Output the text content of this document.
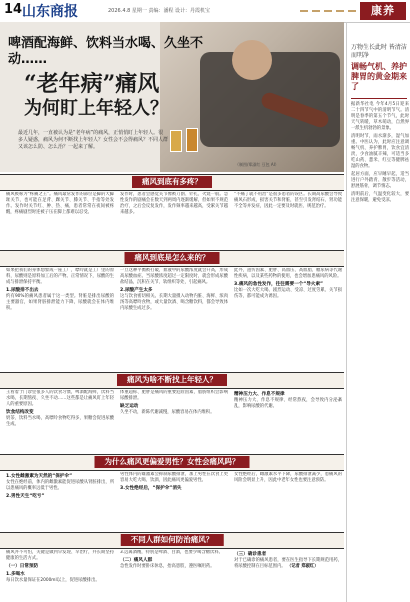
14 山东商报	2026.4.8 星期一 责编：潘程 设计：丹霞机宝	康养
啤酒配海鲜、饮料当水喝、久坐不动……
“老年病”痛风
为何盯上年轻人？
最近几年，一直被认为是“老年病”的痛风，正悄悄盯上年轻人。很多人疑惑，痛风为何不断找上年轻人？女性会不会得痛风？不同人群又该怎么防、怎么治？一起来了解。
（制图/郑淑红 豆包 AI）
痛风到底有多疼？
痛风被称为“疼痛之王”。痛风最常发作的部位是脚的大脚趾关节，也可能在足背、踝关节、膝关节、手指等处发作。发作时关节红、肿、热、痛，患者常常在夜间被疼醒，疼痛剧烈时连被子压在脚上都难以忍受。
发作时，患者会感觉关节像被刀割、针扎、火烧一般。急性发作的剧痛会在数天到两周内逐渐缓解，但如果不规范治疗，之后会反复发作，发作频率越来越高，受累关节越来越多。
“不痛了就不用治”是很多患者的误区。长期高尿酸会导致痛风石形成，损害关节和肾脏，甚至引发肾结石、肾功能不全等并发症，因此一定要及时就医、规范治疗。
痛风到底是怎么来的？
如果把我们的身体想象成一座工厂，嘌呤就是工厂里的原料，尿酸则是原料加工后的产物。正常情况下，尿酸的生成与排泄保持平衡。
1.尿酸排不出去
约有90%的痛风患者属于这一类型。肾脏是排出尿酸的主要器官，如果肾脏排泄能力下降，尿酸就会在体内堆积。
一旦这种平衡被打破，血液中的尿酸浓度就会升高，形成高尿酸血症。当尿酸浓度超过一定限度时，就会形成尿酸盐结晶，沉积在关节、软组织等处，引起痛风。
2.尿酸产生太多
这与饮食密切相关。长期大量摄入动物内脏、海鲜、浓肉汤等高嘌呤食物，或大量饮酒、喝含糖饮料，都会导致体内尿酸生成过多。
此外，遗传因素、肥胖、高血压、高血脂、糖尿病等代谢性疾病，以及某些药物的使用，也会增加患痛风的风险。
3.痛风的急性发作，往往需要一个“导火索”
比如一次大吃大喝、剧烈运动、受凉、过度劳累、关节损伤等，都可能成为诱因。
痛风为啥不断找上年轻人？
王看着于门诊里很多人的饮食习惯，啤酒配海鲜，饮料当水喝，长期熬夜、久坐不动……这些都是让痛风盯上年轻人的重要原因。
饮食结构改变
奶茶、饮料当水喝，高嘌呤食物吃得多，果糖会促进尿酸生成。
体重超标、肥胖是痛风的重要危险因素，脂肪组织会影响尿酸排泄。
缺乏运动
久坐不动，新陈代谢减慢，尿酸容易在体内堆积。
精神压力大、作息不规律
精神压力大、作息不规律、经常熬夜，会导致内分泌紊乱，影响尿酸的代谢。
为什么痛风更偏爱男性？女性会痛风吗？
1.女性雌激素为天然的“保护伞”
女性在绝经前，体内的雌激素能促进尿酸从肾脏排出，所以患痛风的概率远低于男性。
2.男性天生“吃亏”
男性体内的雄激素会抑制尿酸排泄，加上男性在饮食上更容易大吃大喝、饮酒，因此痛风更偏爱男性。
3.女性绝经后，“保护伞”消失
女性绝经后，雌激素水平下降，尿酸排泄减少，患痛风的风险会明显上升，因此中老年女性也要注意预防。
不同人群如何防治痛风？
痛风并不可怕，关键是做到早发现、早治疗，并长期坚持健康的生活方式。
（一）日常预防
1.多喝水
每日饮水量保证在2000ml以上，促进尿酸排出。
3.远离酒精，特别是啤酒、白酒，也要少喝含糖饮料。
（二）痛风人群
急性发作时要卧床休息，抬高患肢，遵医嘱用药。
（三）确诊患者
对于已确诊的痛风患者，要在医生指导下长期规范用药，将尿酸控制在目标范围内。 （记者 郑淑红）
万物生长此时 皆清洁而明净
调畅气机、养护脾胃的黄金期来了

据新华社电 今年4月5日迎来二十四节气中的清明节气。清明是春季的第五个节气，此时天气转暖，草木萌动，自然界一派生机勃勃的景象。

清明时节，雨水渐多，湿气加重。中医认为，此时应注意调畅气机、养护脾胃，饮食宜清淡，少食油腻辛辣，可适当多吃山药、薏米、红豆等健脾祛湿的食物。

起居方面，应早睡早起，适当进行户外踏青、散步等活动，舒展筋骨，调节情志。

清明前后，气温变化较大，要注意保暖，避免受凉。
